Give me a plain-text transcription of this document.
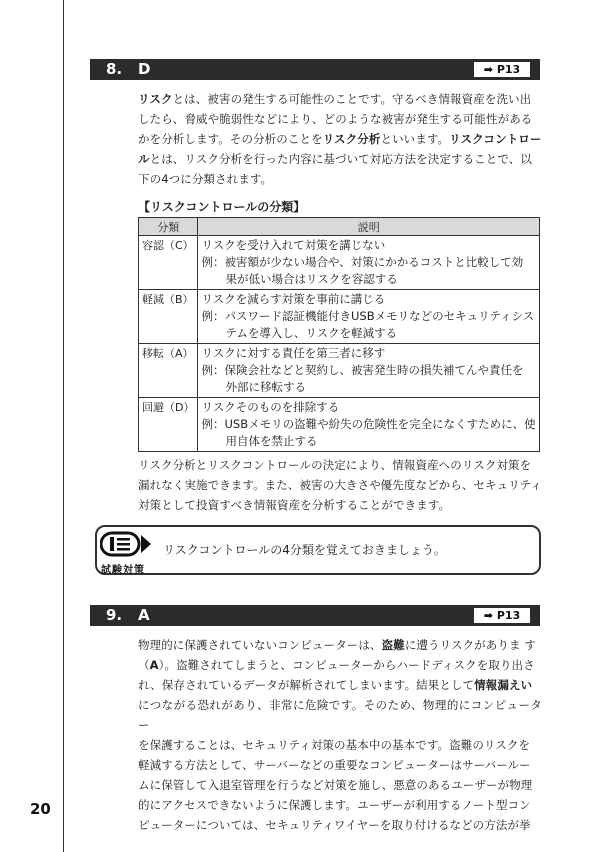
20
8. D	➡ P13
リスクとは、被害の発生する可能性のことです。守るべき情報資産を洗い出
したら、脅威や脆弱性などにより、どのような被害が発生する可能性がある
かを分析します。その分析のことをリスク分析といいます。リスクコントロー
ルとは、リスク分析を行った内容に基づいて対応方法を決定することで、以
下の4つに分類されます。
【リスクコントロールの分類】
分類	説明
容認（C）	リスクを受け入れて対策を講じない
例：被害額が少ない場合や、対策にかかるコストと比較して効
果が低い場合はリスクを容認する

軽減（B）	リスクを減らす対策を事前に講じる
例：パスワード認証機能付きUSBメモリなどのセキュリティシス
テムを導入し、リスクを軽減する

移転（A）	リスクに対する責任を第三者に移す
例：保険会社などと契約し、被害発生時の損失補てんや責任を
外部に移転する

回避（D）	リスクそのものを排除する
例：USBメモリの盗難や紛失の危険性を完全になくすために、使
用自体を禁止する
リスク分析とリスクコントロールの決定により、情報資産へのリスク対策を
漏れなく実施できます。また、被害の大きさや優先度などから、セキュリティ
対策として投資すべき情報資産を分析することができます。
試験対策
リスクコントロールの4分類を覚えておきましょう。
9. A	➡ P13
物理的に保護されていないコンピューターは、盗難に遭うリスクがありま す
（A）。盗難されてしまうと、コンピューターからハードディスクを取り出さ
れ、保存されているデータが解析されてしまいます。結果として情報漏えい
につながる恐れがあり、非常に危険です。そのため、物理的にコンピューター
を保護することは、セキュリティ対策の基本中の基本です。盗難のリスクを
軽減する方法として、サーバーなどの重要なコンピューターはサーバールー
ムに保管して入退室管理を行うなど対策を施し、悪意のあるユーザーが物理
的にアクセスできないように保護します。ユーザーが利用するノート型コン
ピューターについては、セキュリティワイヤーを取り付けるなどの方法が挙
